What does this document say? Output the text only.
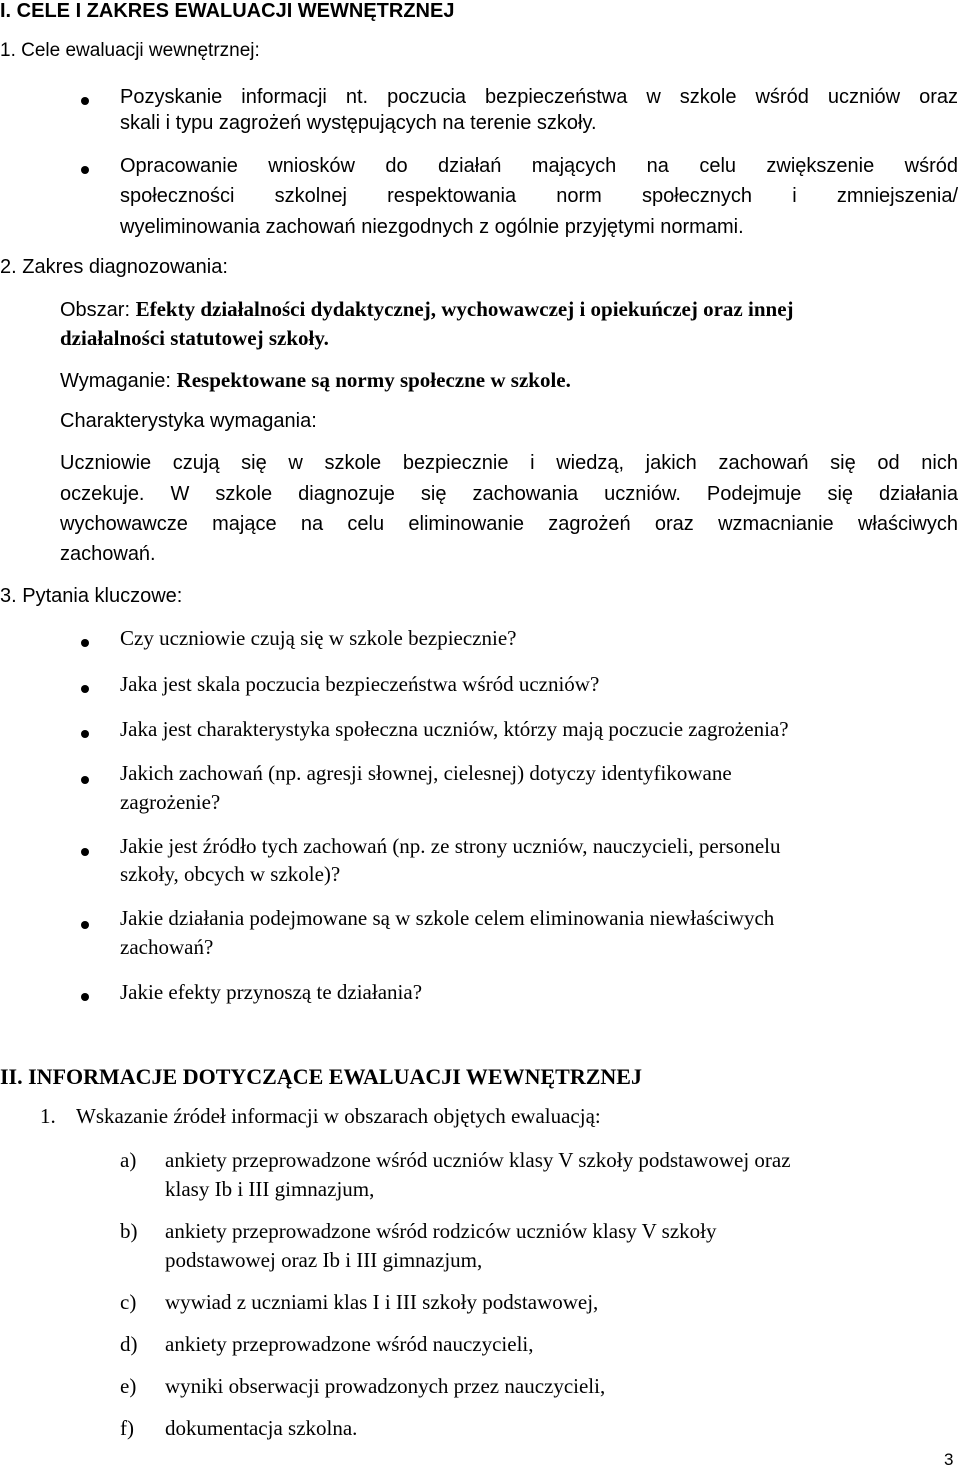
I. CELE I ZAKRES EWALUACJI WEWNĘTRZNEJ
1. Cele ewaluacji wewnętrznej:
Pozyskanie informacji nt. poczucia bezpieczeństwa w szkole wśród uczniów oraz
skali i typu zagrożeń występujących na terenie szkoły.
Opracowanie wniosków do działań mających na celu zwiększenie wśród
społeczności szkolnej respektowania norm społecznych i zmniejszenia/
wyeliminowania zachowań niezgodnych z ogólnie przyjętymi normami.
2. Zakres diagnozowania:
Obszar: Efekty działalności dydaktycznej, wychowawczej i opiekuńczej oraz innej
działalności statutowej szkoły.
Wymaganie: Respektowane są normy społeczne w szkole.
Charakterystyka wymagania:
Uczniowie czują się w szkole bezpiecznie i wiedzą, jakich zachowań się od nich
oczekuje. W szkole diagnozuje się zachowania uczniów. Podejmuje się działania
wychowawcze mające na celu eliminowanie zagrożeń oraz wzmacnianie właściwych
zachowań.
3. Pytania kluczowe:
Czy uczniowie czują się w szkole bezpiecznie?
Jaka jest skala poczucia bezpieczeństwa wśród uczniów?
Jaka jest charakterystyka społeczna uczniów, którzy mają poczucie zagrożenia?
Jakich zachowań (np. agresji słownej, cielesnej) dotyczy identyfikowane
zagrożenie?
Jakie jest źródło tych zachowań (np. ze strony uczniów, nauczycieli, personelu
szkoły, obcych w szkole)?
Jakie działania podejmowane są w szkole celem eliminowania niewłaściwych
zachowań?
Jakie efekty przynoszą te działania?
II. INFORMACJE DOTYCZĄCE EWALUACJI WEWNĘTRZNEJ
1. Wskazanie źródeł informacji w obszarach objętych ewaluacją:
a) ankiety przeprowadzone wśród uczniów klasy V szkoły podstawowej oraz
klasy Ib i III gimnazjum,
b) ankiety przeprowadzone wśród rodziców uczniów klasy V szkoły
podstawowej oraz Ib i III gimnazjum,
c) wywiad z uczniami klas I i III szkoły podstawowej,
d) ankiety przeprowadzone wśród nauczycieli,
e) wyniki obserwacji prowadzonych przez nauczycieli,
f) dokumentacja szkolna.
3
